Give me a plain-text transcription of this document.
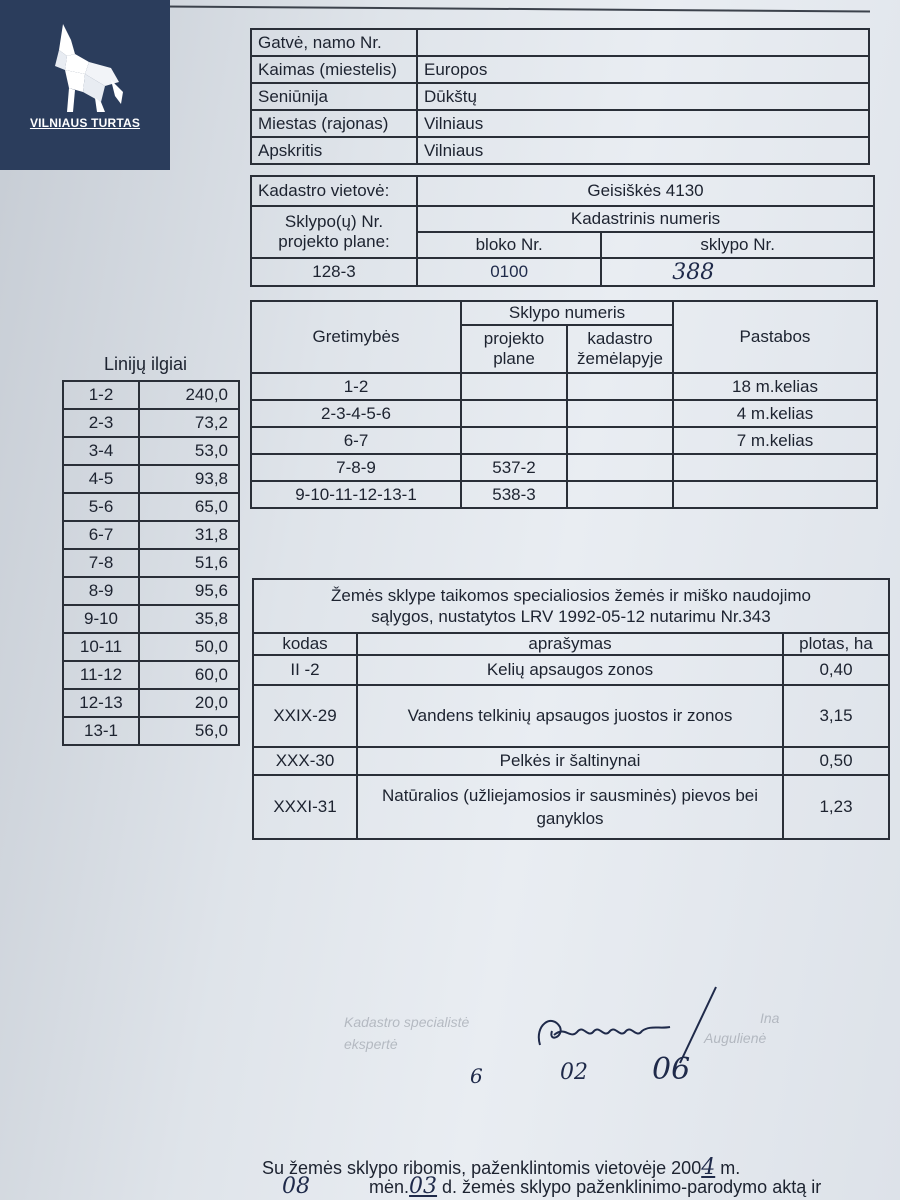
VILNIAUS TURTAS
Gatvė, namo Nr.	
Kaimas (miestelis)	Europos
Seniūnija	Dūkštų
Miestas (rajonas)	Vilniaus
Apskritis	Vilniaus
Kadastro vietovė:	Geisiškės 4130	
Sklypo(ų) Nr. projekto plane:	Kadastrinis numeris	
	bloko Nr.	sklypo Nr.
128-3	0100	388
Gretimybės	Sklypo numeris		Pastabos
	projekto plane	kadastro žemėlapyje	
1-2			18 m.kelias
2-3-4-5-6			4 m.kelias
6-7			7 m.kelias
7-8-9	537-2		
9-10-11-12-13-1	538-3		
Linijų ilgiai
1-2	240,0
2-3	73,2
3-4	53,0
4-5	93,8
5-6	65,0
6-7	31,8
7-8	51,6
8-9	95,6
9-10	35,8
10-11	50,0
11-12	60,0
12-13	20,0
13-1	56,0
Žemės sklype taikomos specialiosios žemės ir miško naudojimo
sąlygos, nustatytos LRV 1992-05-12 nutarimu Nr.343		

kodas	aprašymas	plotas, ha
II -2	Kelių apsaugos zonos	0,40
XXIX-29	Vandens telkinių apsaugos juostos ir zonos	3,15
XXX-30	Pelkės ir šaltinynai	0,50
XXXI-31	Natūralios (užliejamosios ir sausminės) pievos bei ganyklos	1,23
Kadastro specialistė
ekspertė
Ina
Augulienė
6	02 06
Su žemės sklypo ribomis, paženklintomis vietovėje 2004 m.
08	mėn.03 d. žemės sklypo paženklinimo-parodymo aktą ir
